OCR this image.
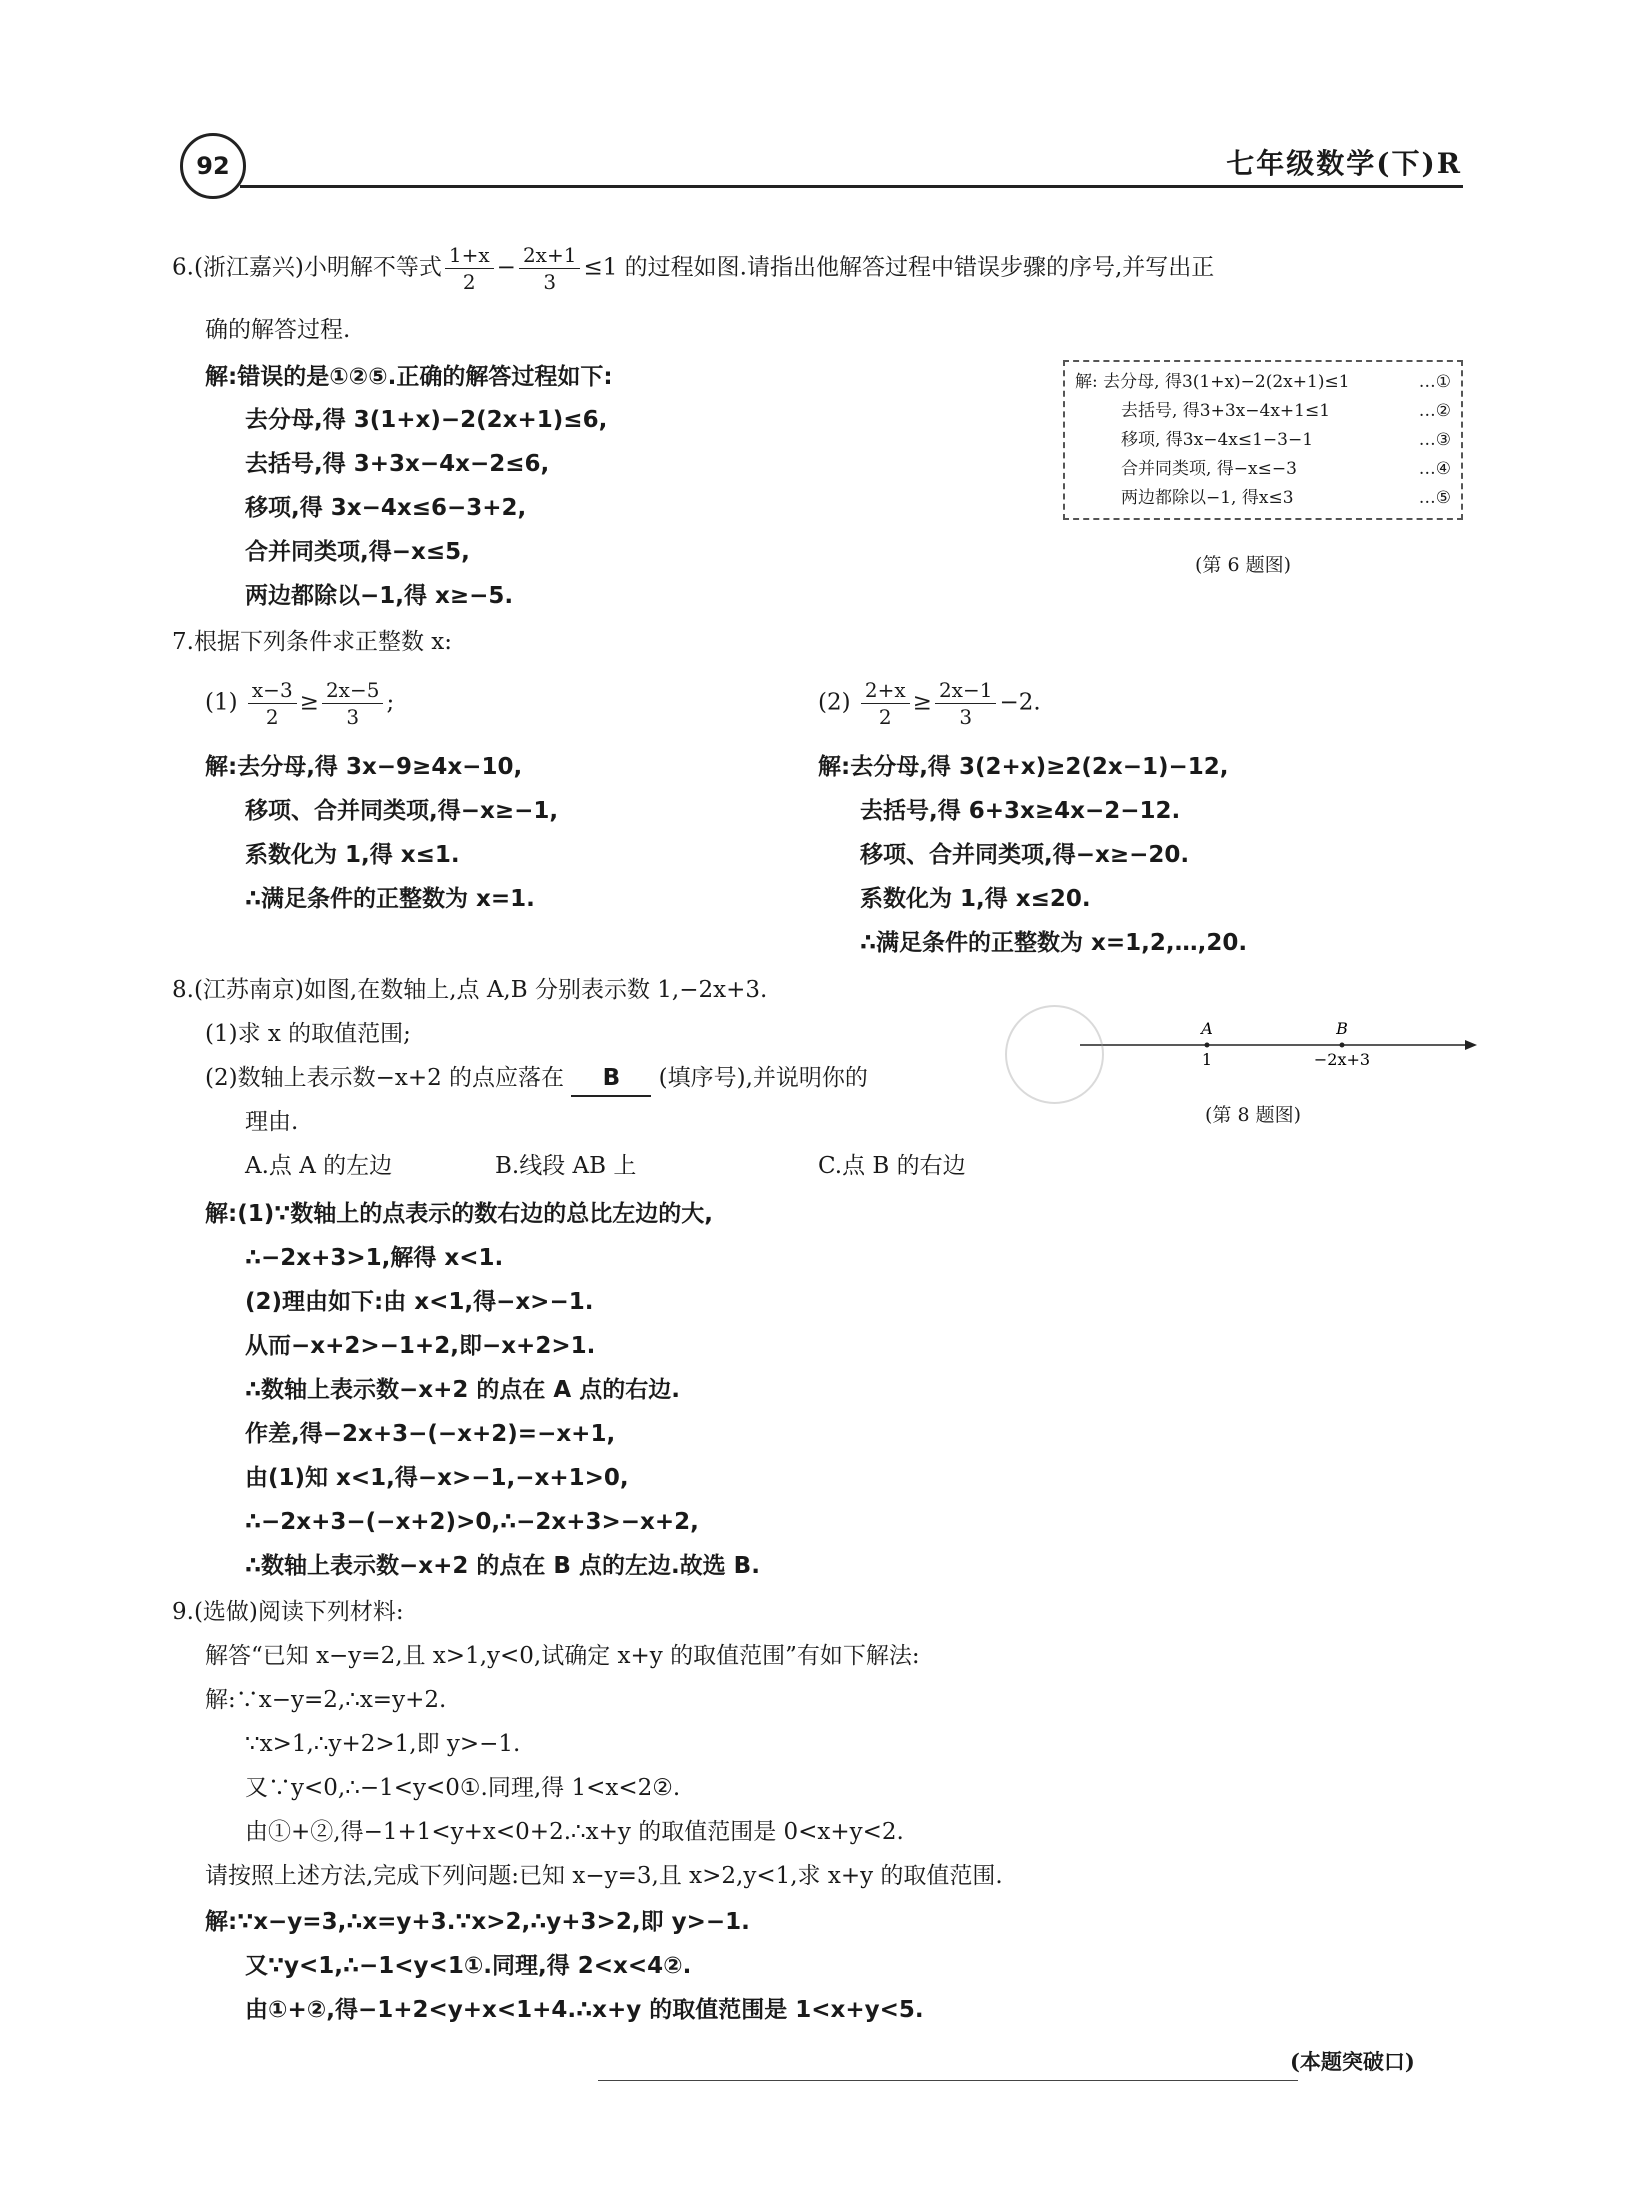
92	七年级数学(下)R
6.(浙江嘉兴)小明解不等式 $\frac{1+x}{2} - \frac{2x+1}{3} \le 1$ 的过程如图.请指出他解答过程中错误步骤的序号,并写出正
确的解答过程.
解:错误的是①②⑤.正确的解答过程如下:
去分母,得 3(1+x)−2(2x+1)≤6,
去括号,得 3+3x−4x−2≤6,
移项,得 3x−4x≤6−3+2,
合并同类项,得−x≤5,
两边都除以−1,得 x≥−5.
解: 去分母, 得3(1+x)−2(2x+1)≤1	…①
去括号, 得3+3x−4x+1≤1	…②
移项, 得3x−4x≤1−3−1	…③
合并同类项, 得−x≤−3	…④
两边都除以−1, 得x≤3	…⑤
(第 6 题图)
7.根据下列条件求正整数 x:
$(1) \frac{x-3}{2} \ge \frac{2x-5}{3}$ ;	$(2) \frac{2+x}{2} \ge \frac{2x-1}{3} -2$.
解:去分母,得 3x−9≥4x−10,
移项、合并同类项,得−x≥−1,
系数化为 1,得 x≤1.
∴满足条件的正整数为 x=1.
解:去分母,得 3(2+x)≥2(2x−1)−12,
去括号,得 6+3x≥4x−2−12.
移项、合并同类项,得−x≥−20.
系数化为 1,得 x≤20.
∴满足条件的正整数为 x=1,2,…,20.
8.(江苏南京)如图,在数轴上,点 A,B 分别表示数 1,−2x+3.
(1)求 x 的取值范围;
(2)数轴上表示数−x+2 的点应落在 B (填序号),并说明你的
理由.
A.点 A 的左边	B.线段 AB 上	C.点 B 的右边
A
1
B
−2x+3
(第 8 题图)
解:(1)∵数轴上的点表示的数右边的总比左边的大,
∴−2x+3>1,解得 x<1.
(2)理由如下:由 x<1,得−x>−1.
从而−x+2>−1+2,即−x+2>1.
∴数轴上表示数−x+2 的点在 A 点的右边.
作差,得−2x+3−(−x+2)=−x+1,
由(1)知 x<1,得−x>−1,−x+1>0,
∴−2x+3−(−x+2)>0,∴−2x+3>−x+2,
∴数轴上表示数−x+2 的点在 B 点的左边.故选 B.
9.(选做)阅读下列材料:
解答“已知 x−y=2,且 x>1,y<0,试确定 x+y 的取值范围”有如下解法:
解:∵x−y=2,∴x=y+2.
∵x>1,∴y+2>1,即 y>−1.
又∵y<0,∴−1<y<0①.同理,得 1<x<2②.
由①+②,得−1+1<y+x<0+2.∴x+y 的取值范围是 0<x+y<2.
请按照上述方法,完成下列问题:已知 x−y=3,且 x>2,y<1,求 x+y 的取值范围.
解:∵x−y=3,∴x=y+3.∵x>2,∴y+3>2,即 y>−1.
又∵y<1,∴−1<y<1①.同理,得 2<x<4②.
由①+②,得−1+2<y+x<1+4.∴x+y 的取值范围是 1<x+y<5.
(本题突破口)
